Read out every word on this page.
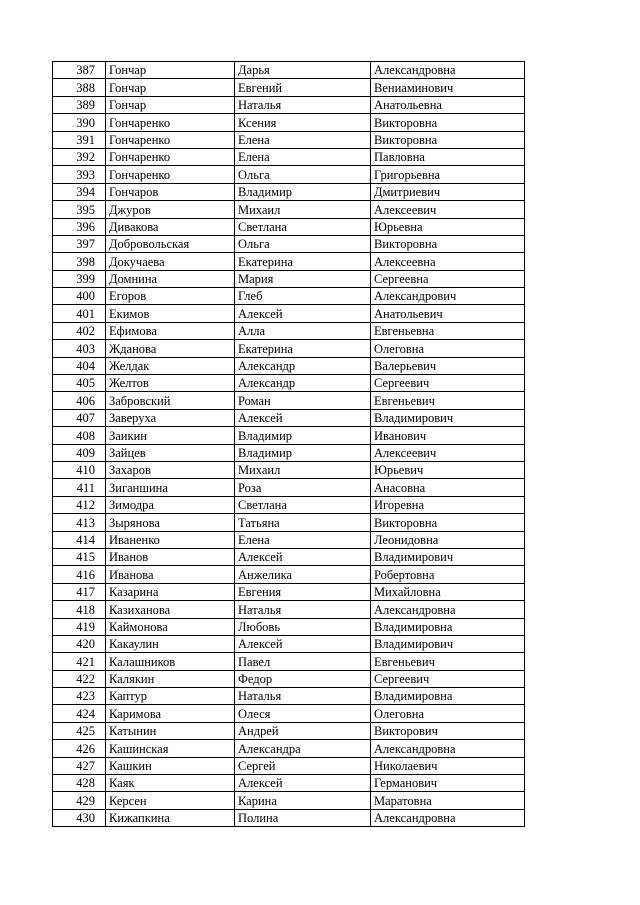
387	Гончар	Дарья	Александровна
388	Гончар	Евгений	Вениаминович
389	Гончар	Наталья	Анатольевна
390	Гончаренко	Ксения	Викторовна
391	Гончаренко	Елена	Викторовна
392	Гончаренко	Елена	Павловна
393	Гончаренко	Ольга	Григорьевна
394	Гончаров	Владимир	Дмитриевич
395	Джуров	Михаил	Алексеевич
396	Дивакова	Светлана	Юрьевна
397	Добровольская	Ольга	Викторовна
398	Докучаева	Екатерина	Алексеевна
399	Домнина	Мария	Сергеевна
400	Егоров	Глеб	Александрович
401	Екимов	Алексей	Анатольевич
402	Ефимова	Алла	Евгеньевна
403	Жданова	Екатерина	Олеговна
404	Желдак	Александр	Валерьевич
405	Желтов	Александр	Сергеевич
406	Забровский	Роман	Евгеньевич
407	Заверуха	Алексей	Владимирович
408	Заикин	Владимир	Иванович
409	Зайцев	Владимир	Алексеевич
410	Захаров	Михаил	Юрьевич
411	Зиганшина	Роза	Анасовна
412	Зимодра	Светлана	Игоревна
413	Зырянова	Татьяна	Викторовна
414	Иваненко	Елена	Леонидовна
415	Иванов	Алексей	Владимирович
416	Иванова	Анжелика	Робертовна
417	Казарина	Евгения	Михайловна
418	Казиханова	Наталья	Александровна
419	Каймонова	Любовь	Владимировна
420	Какаулин	Алексей	Владимирович
421	Калашников	Павел	Евгеньевич
422	Калякин	Федор	Сергеевич
423	Каптур	Наталья	Владимировна
424	Каримова	Олеся	Олеговна
425	Катынин	Андрей	Викторович
426	Кашинская	Александра	Александровна
427	Кашкин	Сергей	Николаевич
428	Каяк	Алексей	Германович
429	Керсен	Карина	Маратовна
430	Кижапкина	Полина	Александровна
